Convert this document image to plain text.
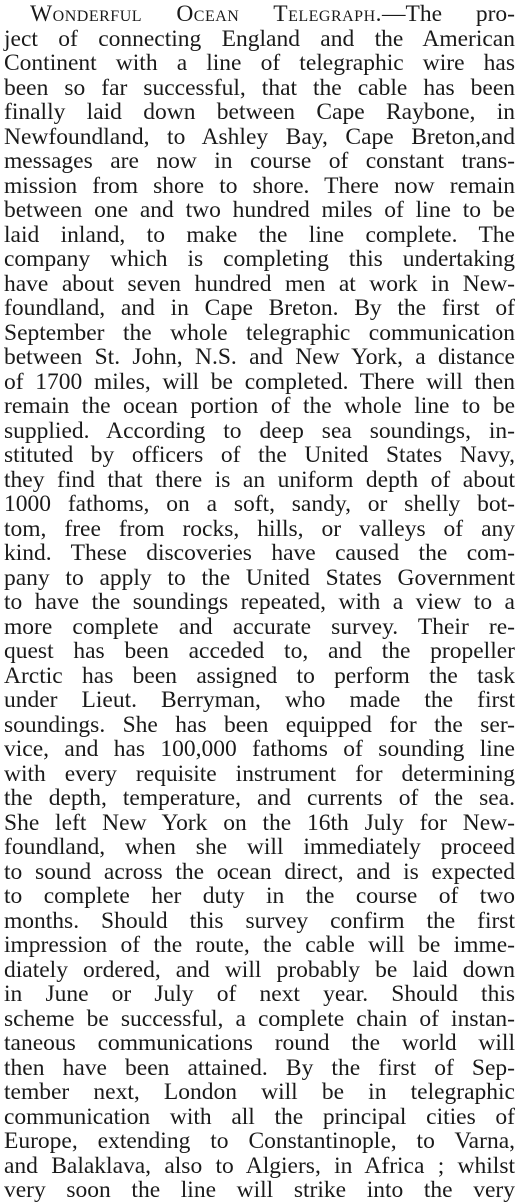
Wonderful Ocean Telegraph.—The pro-
ject of connecting England and the American
Continent with a line of telegraphic wire has
been so far successful, that the cable has been
finally laid down between Cape Raybone, in
Newfoundland, to Ashley Bay, Cape Breton,and
messages are now in course of constant trans-
mission from shore to shore. There now remain
between one and two hundred miles of line to be
laid inland, to make the line complete. The
company which is completing this undertaking
have about seven hundred men at work in New-
foundland, and in Cape Breton. By the first of
September the whole telegraphic communication
between St. John, N.S. and New York, a distance
of 1700 miles, will be completed. There will then
remain the ocean portion of the whole line to be
supplied. According to deep sea soundings, in-
stituted by officers of the United States Navy,
they find that there is an uniform depth of about
1000 fathoms, on a soft, sandy, or shelly bot-
tom, free from rocks, hills, or valleys of any
kind. These discoveries have caused the com-
pany to apply to the United States Government
to have the soundings repeated, with a view to a
more complete and accurate survey. Their re-
quest has been acceded to, and the propeller
Arctic has been assigned to perform the task
under Lieut. Berryman, who made the first
soundings. She has been equipped for the ser-
vice, and has 100,000 fathoms of sounding line
with every requisite instrument for determining
the depth, temperature, and currents of the sea.
She left New York on the 16th July for New-
foundland, when she will immediately proceed
to sound across the ocean direct, and is expected
to complete her duty in the course of two
months. Should this survey confirm the first
impression of the route, the cable will be imme-
diately ordered, and will probably be laid down
in June or July of next year. Should this
scheme be successful, a complete chain of instan-
taneous communications round the world will
then have been attained. By the first of Sep-
tember next, London will be in telegraphic
communication with all the principal cities of
Europe, extending to Constantinople, to Varna,
and Balaklava, also to Algiers, in Africa ; whilst
very soon the line will strike into the very
